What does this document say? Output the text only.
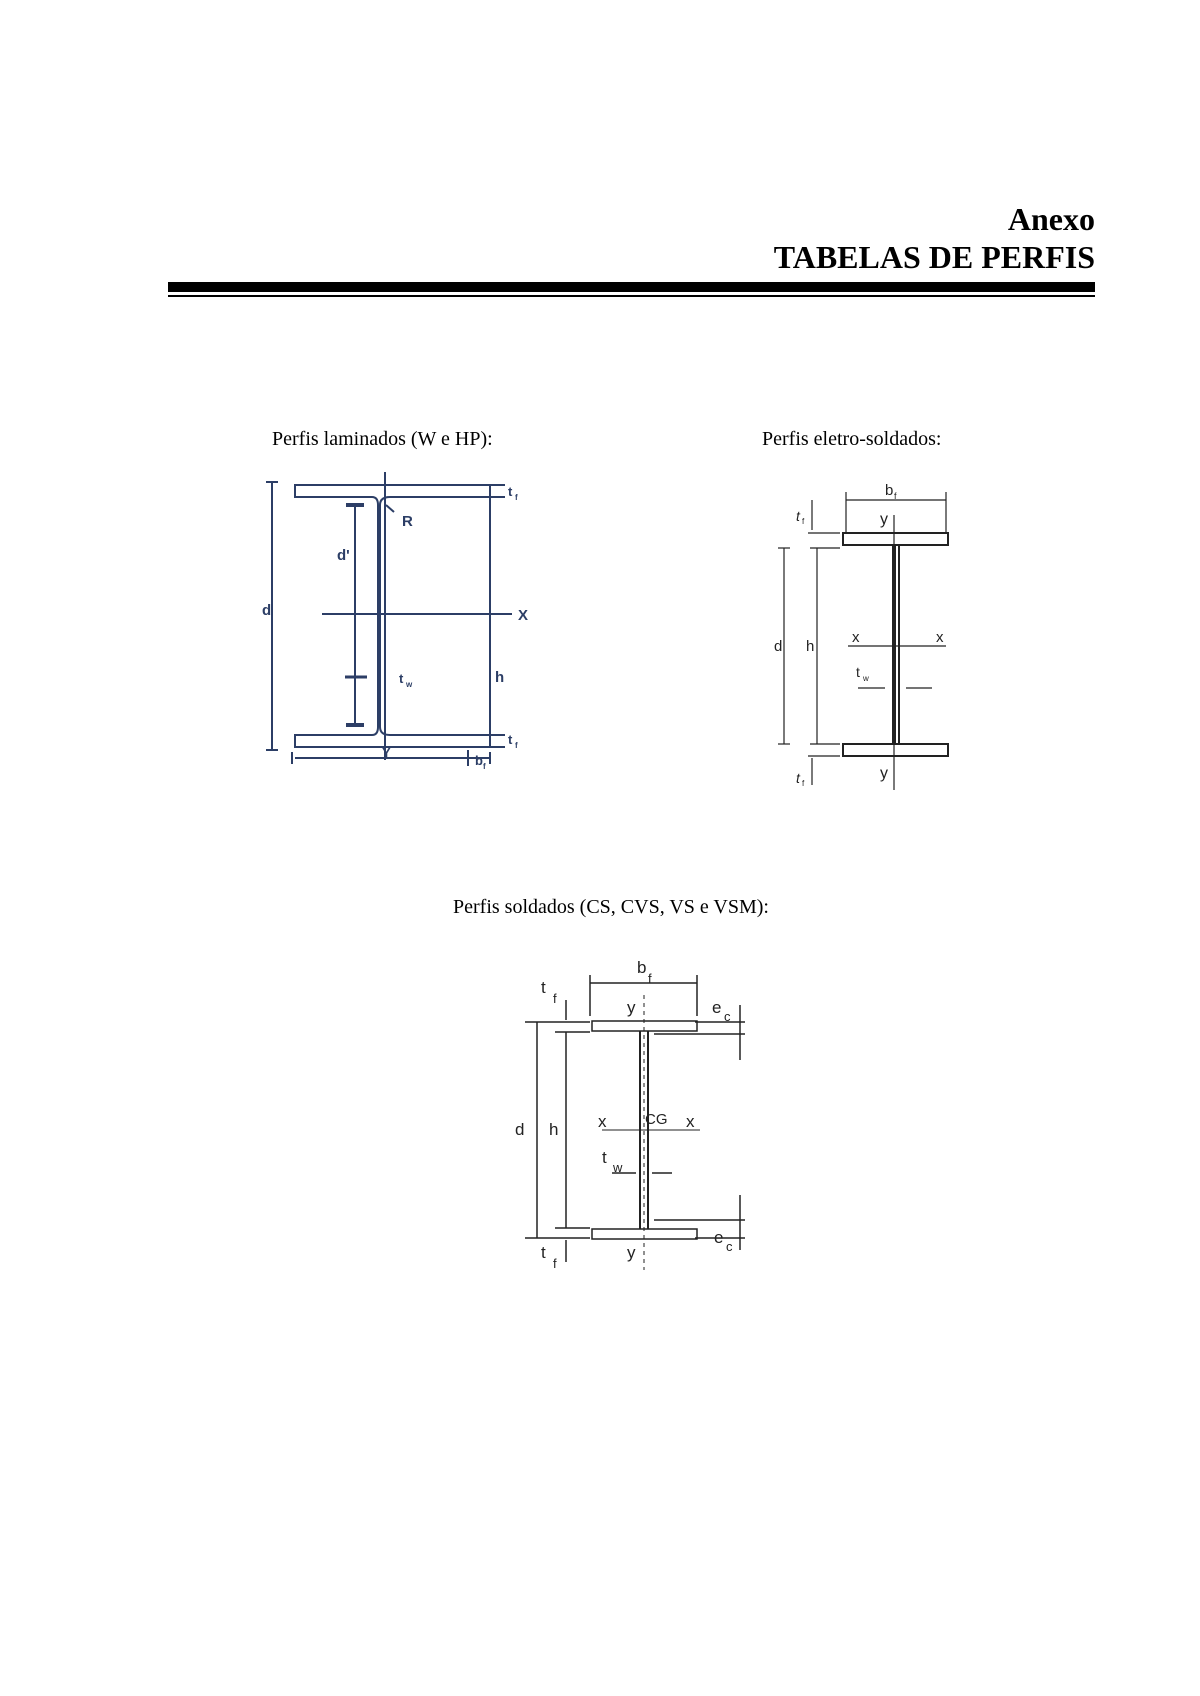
Anexo
TABELAS DE PERFIS
Perfis laminados (W e HP):	Perfis eletro-soldados:
Perfis soldados (CS, CVS, VS e VSM):
d
d'
R
X
Y
h
t f
t f
t w
b f
b f
t f
t f
y
y
d h
x	x
t w
b
f
t
f
t
f
y
y
e c
e c
d h x	x
CG
t
w
